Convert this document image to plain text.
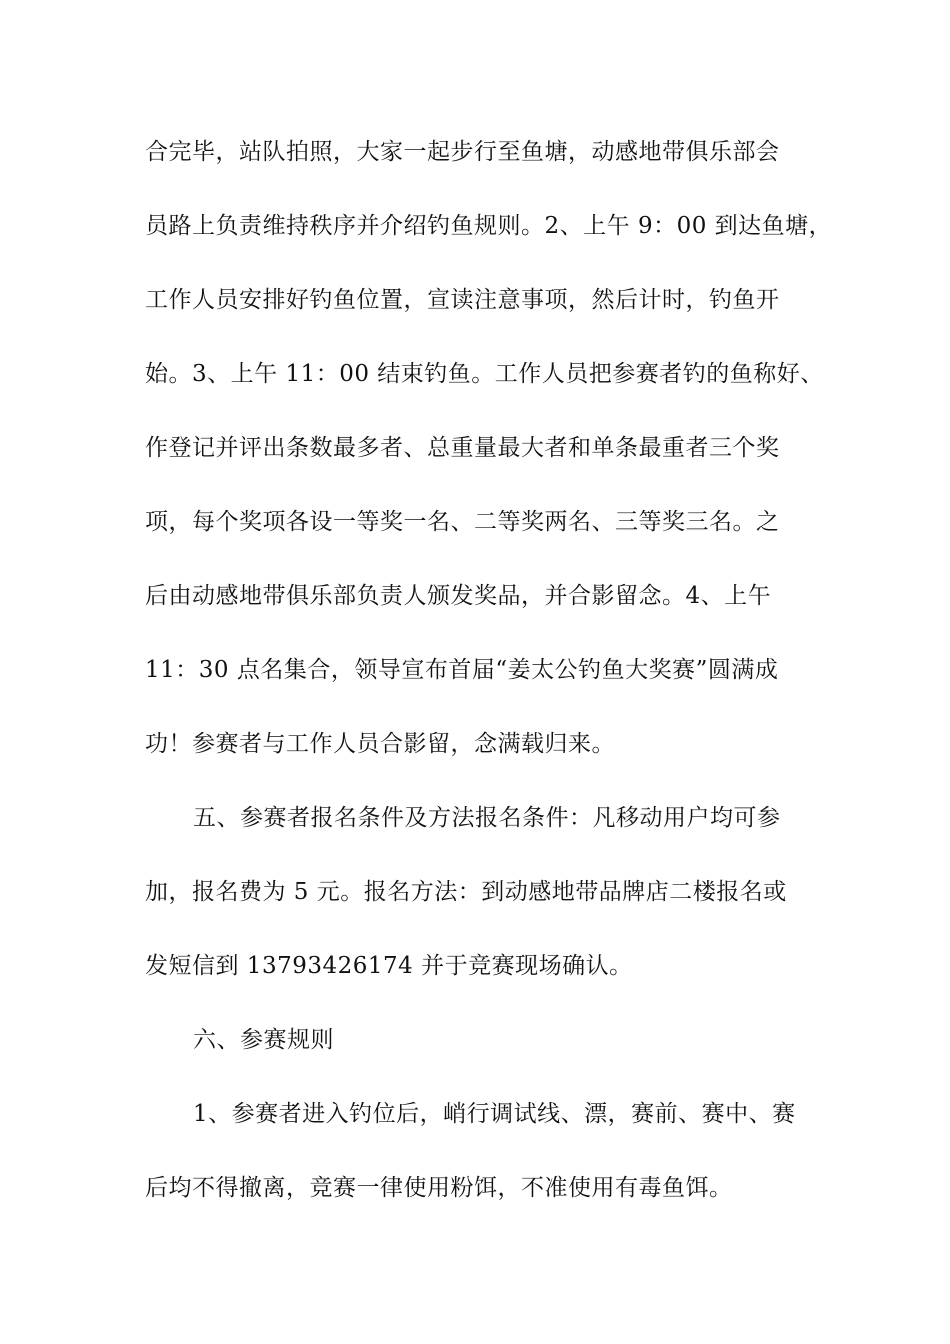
合完毕，站队拍照，大家一起步行至鱼塘，动感地带俱乐部会
员路上负责维持秩序并介绍钓鱼规则。2、上午 9：00 到达鱼塘，
工作人员安排好钓鱼位置，宣读注意事项，然后计时，钓鱼开
始。3、上午 11：00 结束钓鱼。工作人员把参赛者钓的鱼称好、
作登记并评出条数最多者、总重量最大者和单条最重者三个奖
项，每个奖项各设一等奖一名、二等奖两名、三等奖三名。之
后由动感地带俱乐部负责人颁发奖品，并合影留念。4、上午
11：30 点名集合，领导宣布首届“姜太公钓鱼大奖赛”圆满成
功！参赛者与工作人员合影留，念满载归来。
五、参赛者报名条件及方法报名条件：凡移动用户均可参
加，报名费为 5 元。报名方法：到动感地带品牌店二楼报名或
发短信到 13793426174 并于竞赛现场确认。
六、参赛规则
1、参赛者进入钓位后，峭行调试线、漂，赛前、赛中、赛
后均不得撤离，竞赛一律使用粉饵，不准使用有毒鱼饵。
